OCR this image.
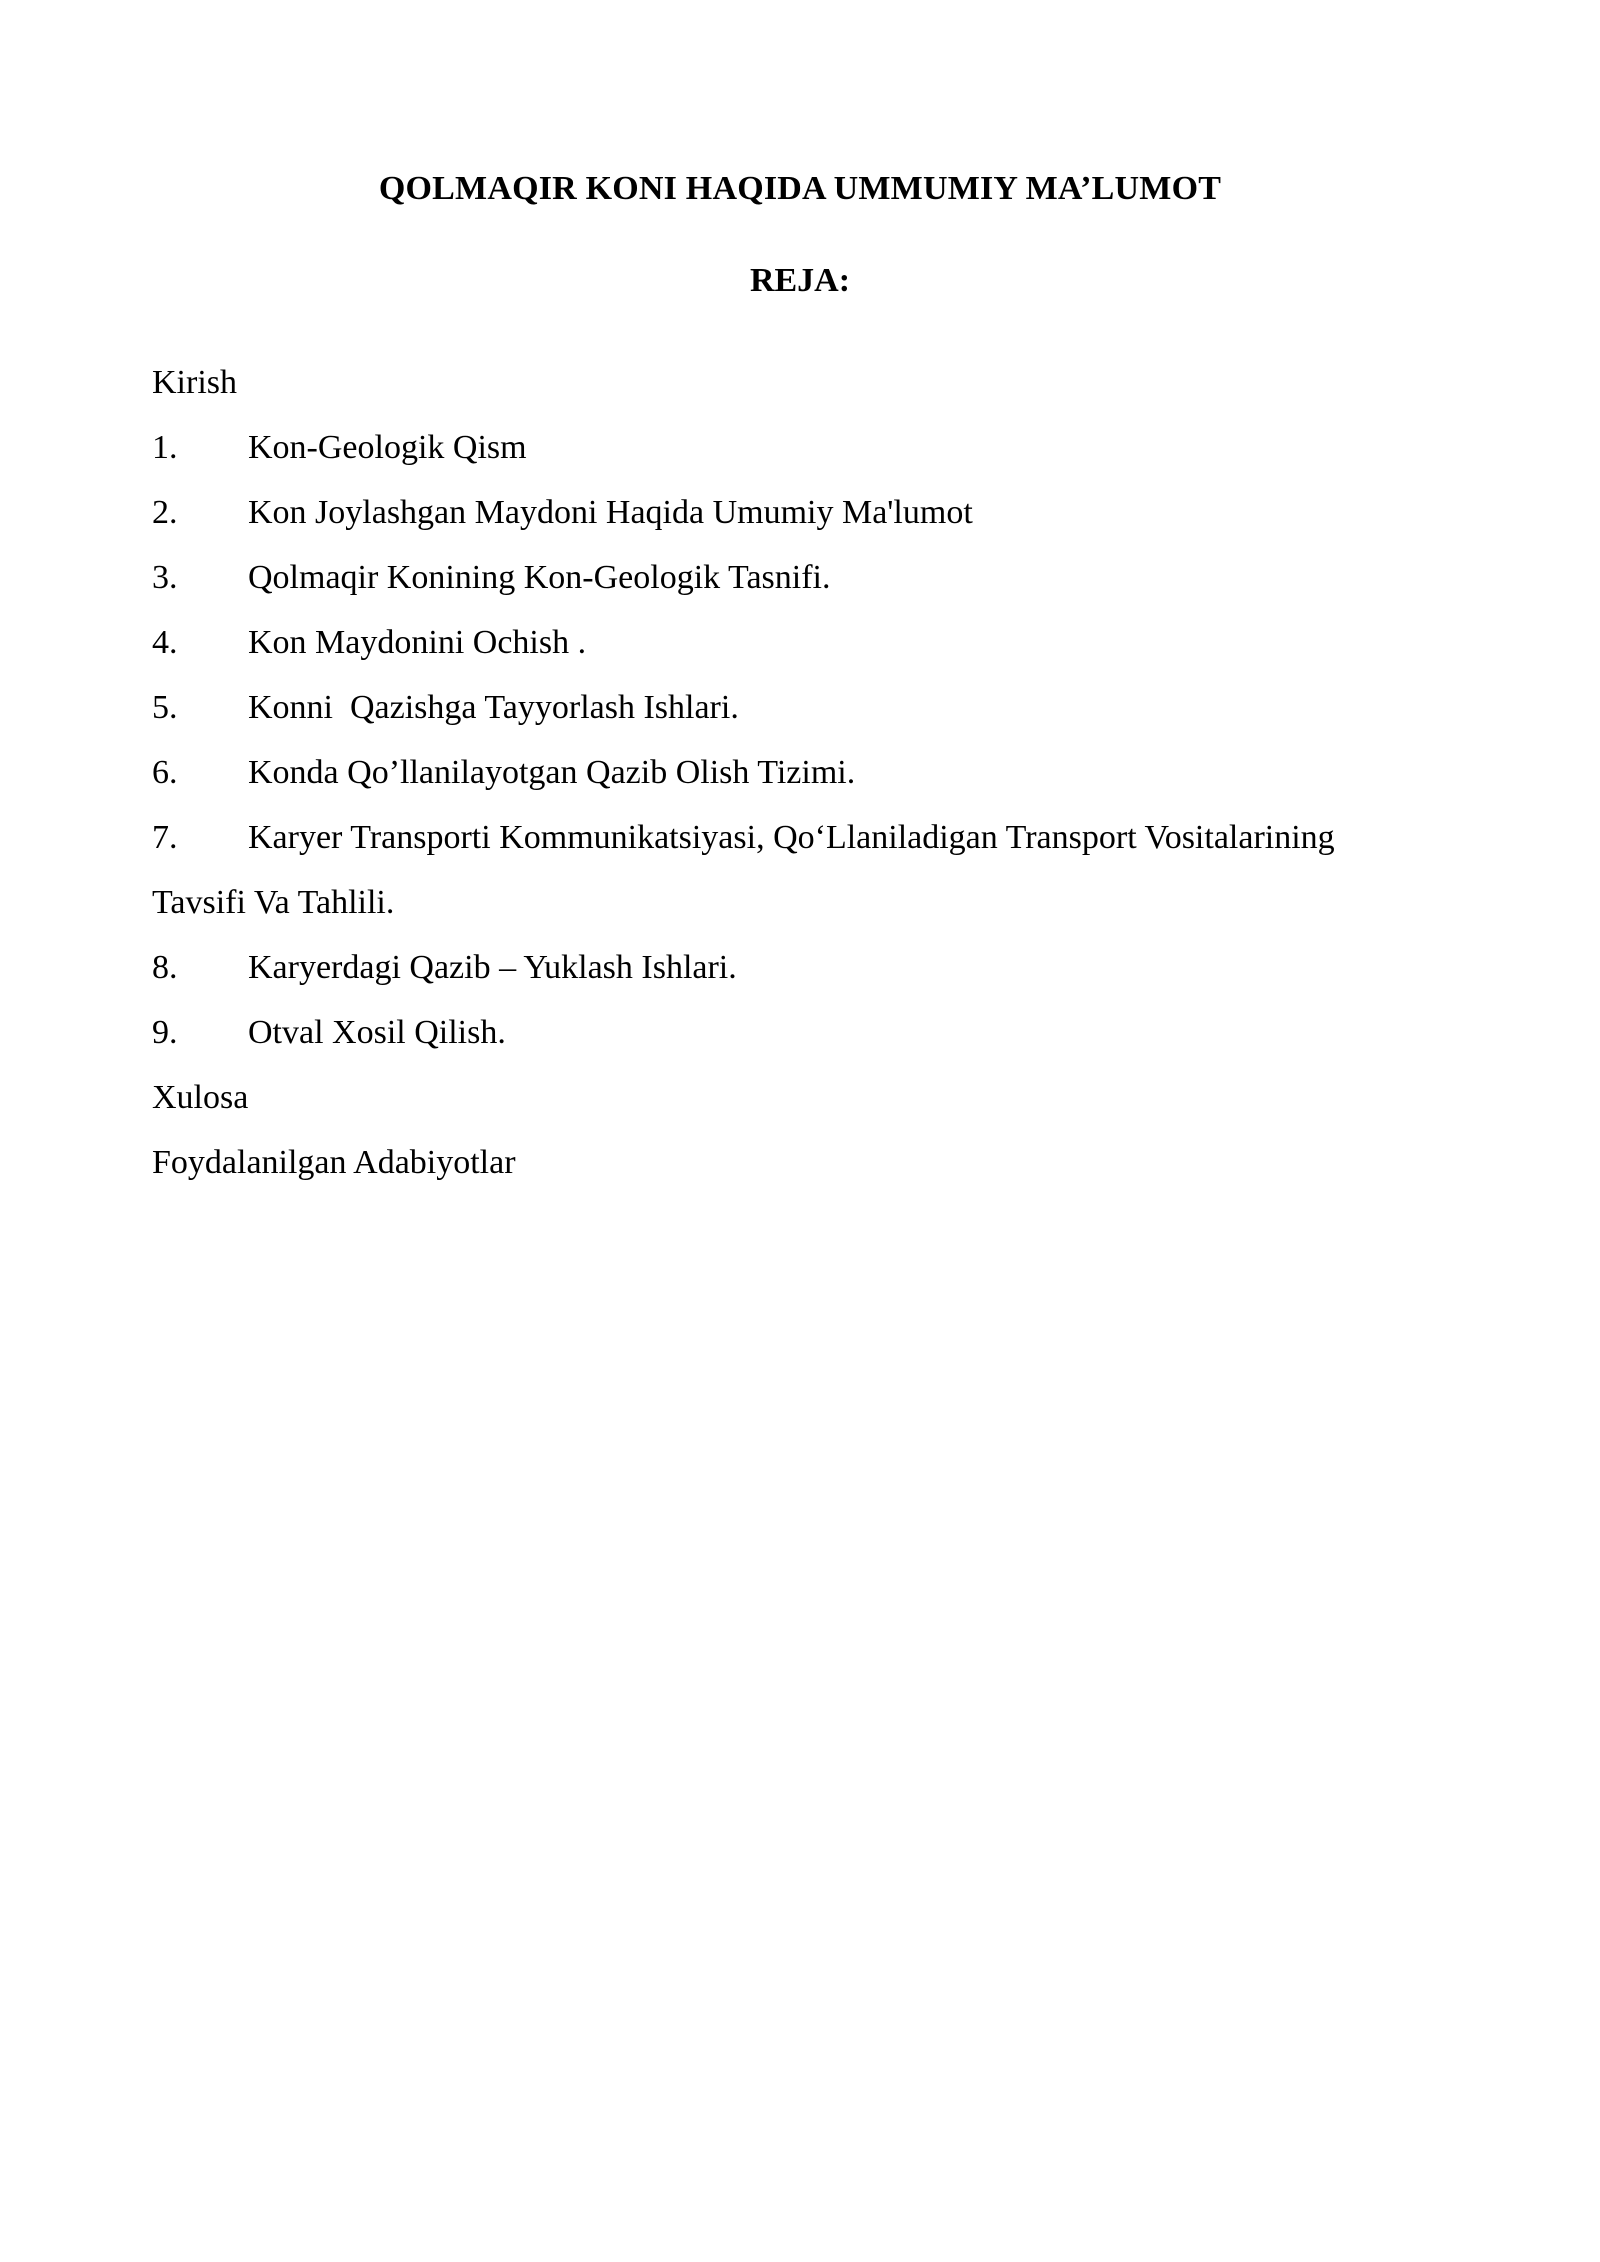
QOLMAQIR KONI HAQIDA UMMUMIY MA’LUMOT
REJA:
Kirish
1. Kon-Geologik Qism
2. Kon Joylashgan Maydoni Haqida Umumiy Ma'lumot
3. Qolmaqir Konining Kon-Geologik Tasnifi.
4. Kon Maydonini Ochish .
5. Konni  Qazishga Tayyorlash Ishlari.
6. Konda Qo’llanilayotgan Qazib Olish Tizimi.
7. Karyer Transporti Kommunikatsiyasi, Qo‘Llaniladigan Transport Vositalarining
Tavsifi Va Tahlili.
8. Karyerdagi Qazib – Yuklash Ishlari.
9. Otval Xosil Qilish.
Xulosa
Foydalanilgan Adabiyotlar
